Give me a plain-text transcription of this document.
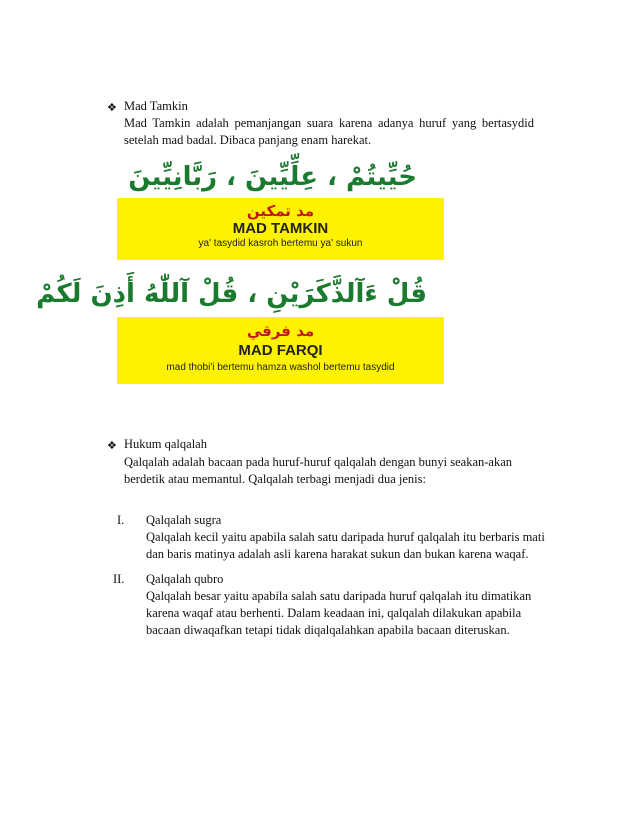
❖ Mad Tamkin
Mad Tamkin adalah pemanjangan suara karena adanya huruf yang bertasydid
setelah mad badal. Dibaca panjang enam harekat.
حُيِّيتُمْ ، عِلِّيِّينَ ، رَبَّانِيِّينَ
مد تمكين
MAD TAMKIN
ya' tasydid kasroh bertemu ya' sukun
قُلْ ءَآلذَّكَرَيْنِ ، قُلْ آللّٰهُ أَذِنَ لَكُمْ
مد فرقي
MAD FARQI
mad thobi'i bertemu hamza washol bertemu tasydid
❖ Hukum qalqalah
Qalqalah adalah bacaan pada huruf-huruf qalqalah dengan bunyi seakan-akan
berdetik atau memantul. Qalqalah terbagi menjadi dua jenis:
I. Qalqalah sugra
Qalqalah kecil yaitu apabila salah satu daripada huruf qalqalah itu berbaris mati
dan baris matinya adalah asli karena harakat sukun dan bukan karena waqaf.
II. Qalqalah qubro
Qalqalah besar yaitu apabila salah satu daripada huruf qalqalah itu dimatikan
karena waqaf atau berhenti. Dalam keadaan ini, qalqalah dilakukan apabila
bacaan diwaqafkan tetapi tidak diqalqalahkan apabila bacaan diteruskan.
